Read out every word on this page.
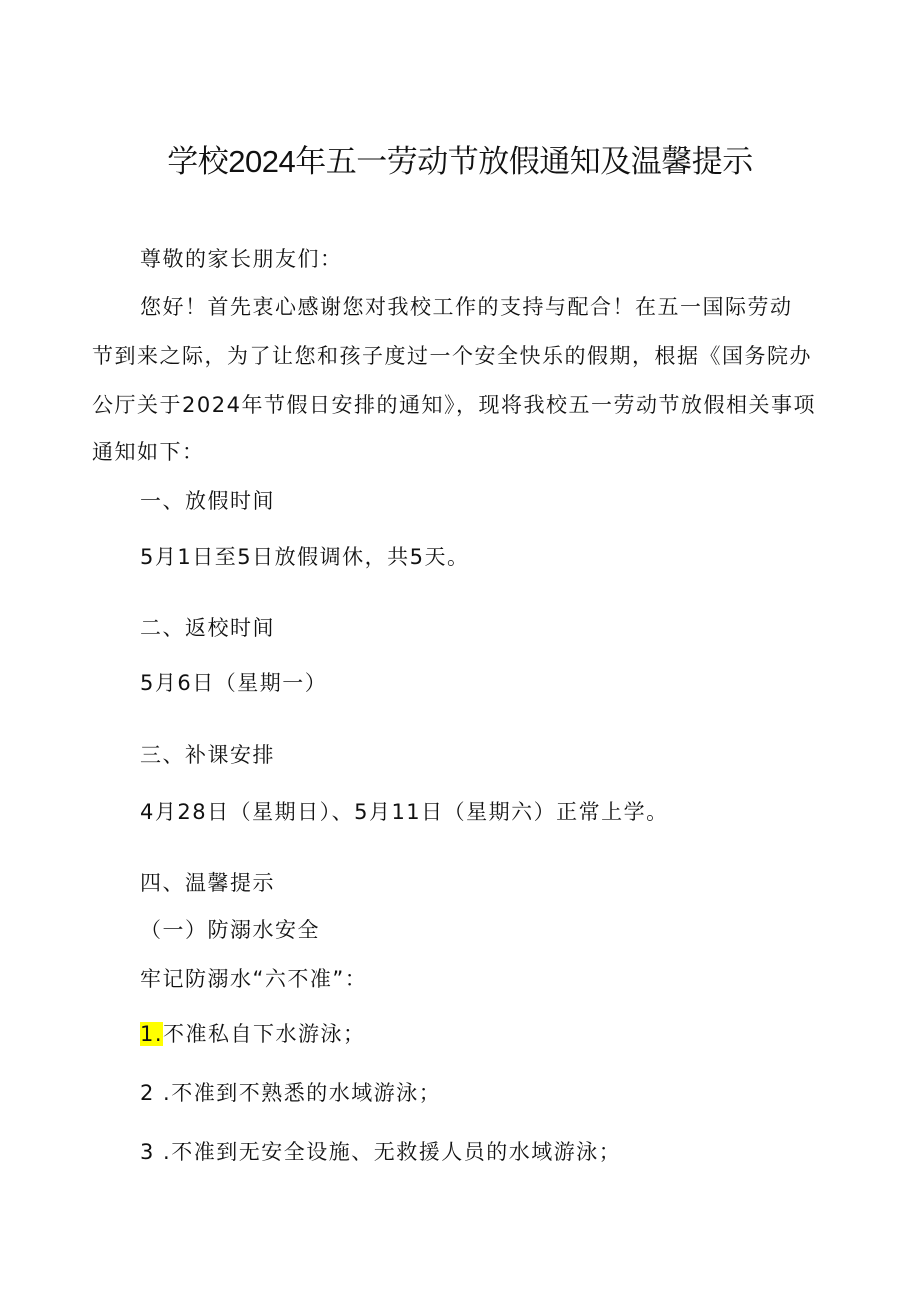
学校2024年五一劳动节放假通知及温馨提示
尊敬的家长朋友们：
您好！首先衷心感谢您对我校工作的支持与配合！在五一国际劳动
节到来之际，为了让您和孩子度过一个安全快乐的假期，根据《国务院办
公厅关于2024年节假日安排的通知》，现将我校五一劳动节放假相关事项
通知如下：
一、放假时间
5月1日至5日放假调休，共5天。
二、返校时间
5月6日（星期一）
三、补课安排
4月28日（星期日）、5月11日（星期六）正常上学。
四、温馨提示
（一）防溺水安全
牢记防溺水“六不准”：
1.不准私自下水游泳；
2 .不准到不熟悉的水域游泳；
3 .不准到无安全设施、无救援人员的水域游泳；
